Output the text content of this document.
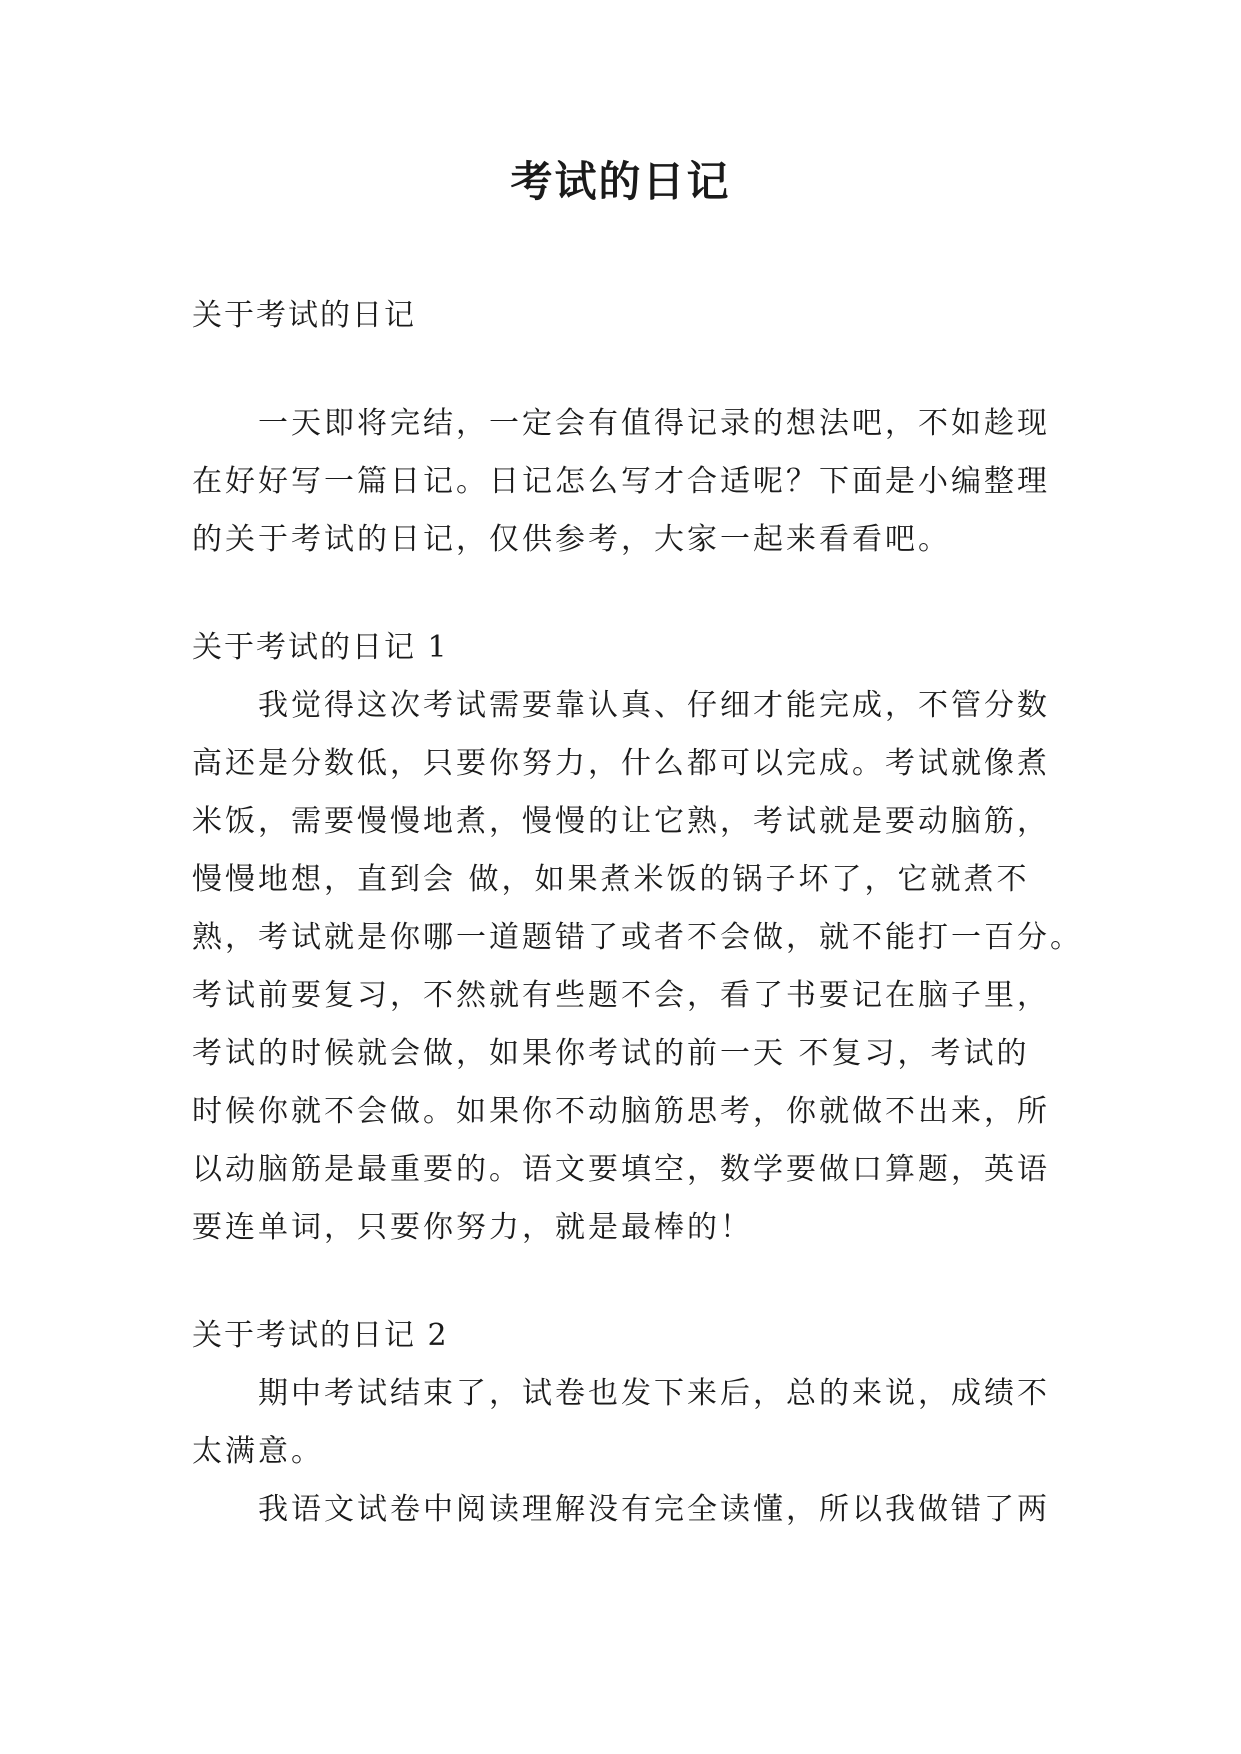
考试的日记
关于考试的日记
一天即将完结，一定会有值得记录的想法吧，不如趁现
在好好写一篇日记。日记怎么写才合适呢？下面是小编整理
的关于考试的日记，仅供参考，大家一起来看看吧。
关于考试的日记 1
我觉得这次考试需要靠认真、仔细才能完成，不管分数
高还是分数低，只要你努力，什么都可以完成。考试就像煮
米饭，需要慢慢地煮，慢慢的让它熟，考试就是要动脑筋，
慢慢地想，直到会 做，如果煮米饭的锅子坏了，它就煮不
熟，考试就是你哪一道题错了或者不会做，就不能打一百分。
考试前要复习，不然就有些题不会，看了书要记在脑子里，
考试的时候就会做，如果你考试的前一天 不复习，考试的
时候你就不会做。如果你不动脑筋思考，你就做不出来，所
以动脑筋是最重要的。语文要填空，数学要做口算题，英语
要连单词，只要你努力，就是最棒的！
关于考试的日记 2
期中考试结束了，试卷也发下来后，总的来说，成绩不
太满意。
我语文试卷中阅读理解没有完全读懂，所以我做错了两
